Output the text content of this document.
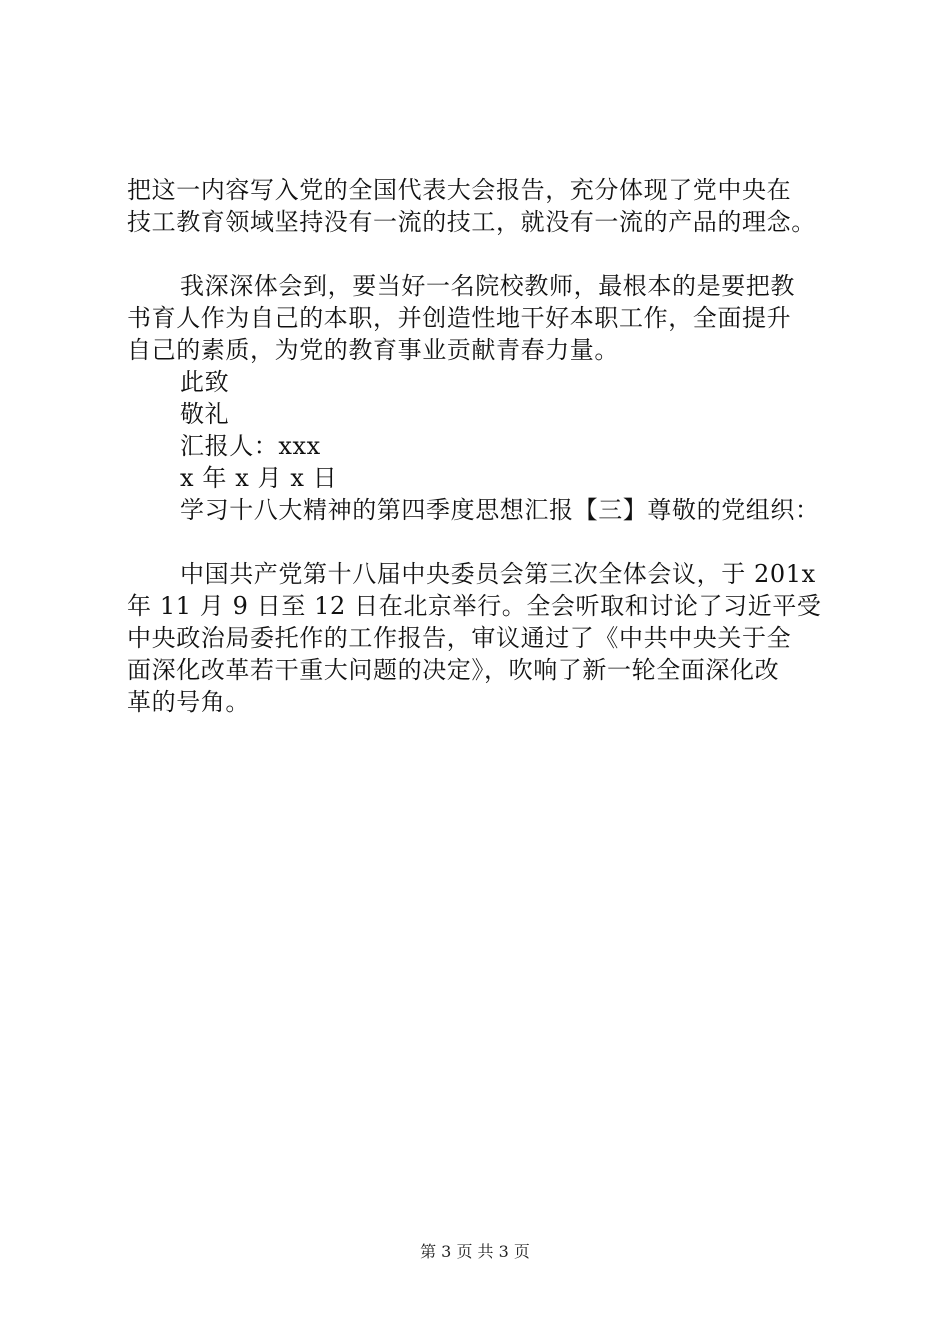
把这一内容写入党的全国代表大会报告，充分体现了党中央在
技工教育领域坚持没有一流的技工，就没有一流的产品的理念。
我深深体会到，要当好一名院校教师，最根本的是要把教
书育人作为自己的本职，并创造性地干好本职工作，全面提升
自己的素质，为党的教育事业贡献青春力量。
此致
敬礼
汇报人：xxx
x 年 x 月 x 日
学习十八大精神的第四季度思想汇报【三】尊敬的党组织：
中国共产党第十八届中央委员会第三次全体会议，于 201x
年 11 月 9 日至 12 日在北京举行。全会听取和讨论了习近平受
中央政治局委托作的工作报告，审议通过了《中共中央关于全
面深化改革若干重大问题的决定》，吹响了新一轮全面深化改
革的号角。
第 3 页 共 3 页
